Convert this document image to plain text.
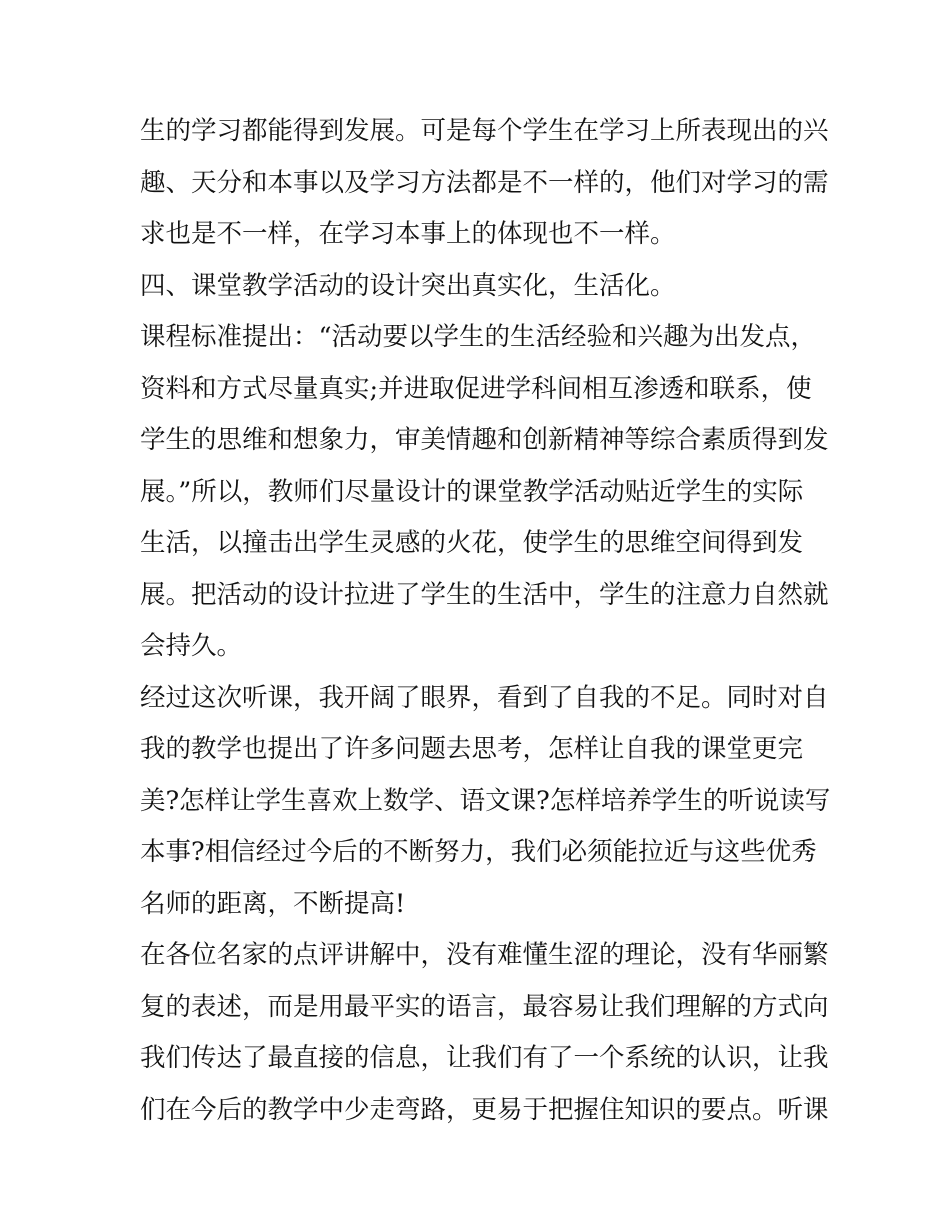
生的学习都能得到发展。可是每个学生在学习上所表现出的兴
趣、天分和本事以及学习方法都是不一样的，他们对学习的需
求也是不一样，在学习本事上的体现也不一样。
四、课堂教学活动的设计突出真实化，生活化。
课程标准提出：“活动要以学生的生活经验和兴趣为出发点，
资料和方式尽量真实;并进取促进学科间相互渗透和联系，使
学生的思维和想象力，审美情趣和创新精神等综合素质得到发
展。”所以，教师们尽量设计的课堂教学活动贴近学生的实际
生活，以撞击出学生灵感的火花，使学生的思维空间得到发
展。把活动的设计拉进了学生的生活中，学生的注意力自然就
会持久。
经过这次听课，我开阔了眼界，看到了自我的不足。同时对自
我的教学也提出了许多问题去思考，怎样让自我的课堂更完
美?怎样让学生喜欢上数学、语文课?怎样培养学生的听说读写
本事?相信经过今后的不断努力，我们必须能拉近与这些优秀
名师的距离，不断提高!
在各位名家的点评讲解中，没有难懂生涩的理论，没有华丽繁
复的表述，而是用最平实的语言，最容易让我们理解的方式向
我们传达了最直接的信息，让我们有了一个系统的认识，让我
们在今后的教学中少走弯路，更易于把握住知识的要点。听课
